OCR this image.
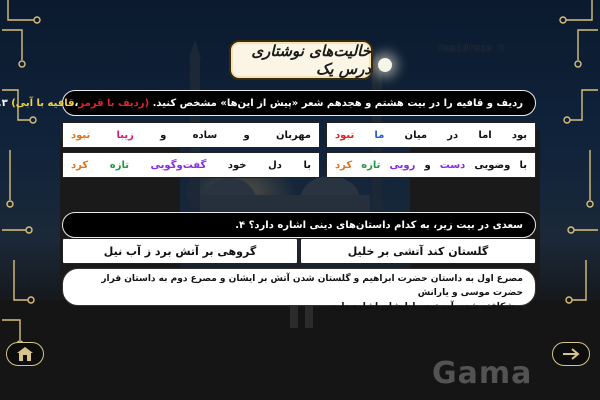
خالیت‌های نوشتاری درس یک
Hamidreza H
ردیف و قافیه را در بیت هشتم و هجدهم شعر «پیش از این‌ها» مشخص کنید.

(ردیف با قرمز
،
قافیه با آبی)

۳
بود
اما
در
میان
ما
تبود
مهربان
و
ساده
و
زیبا
تبود
با
وضویی
دست
و
رویی
تازه
کرد
با
دل
خود
گفت‌وگویی
تازه
کرد
سعدی در بیت زیر، به کدام داستان‌های دینی اشاره دارد؟

۴.
گلستان کند آتشی بر خلیل
گروهی بر آتش برد ز آب نیل
مصرع اول به داستان حضرت ابراهیم و گلستان شدن آتش بر ایشان و مصرع دوم به داستان قرار حضرت موسی و یارانش
و شکافته شدن آب توسط ایشان اشاره دارد
Gama
